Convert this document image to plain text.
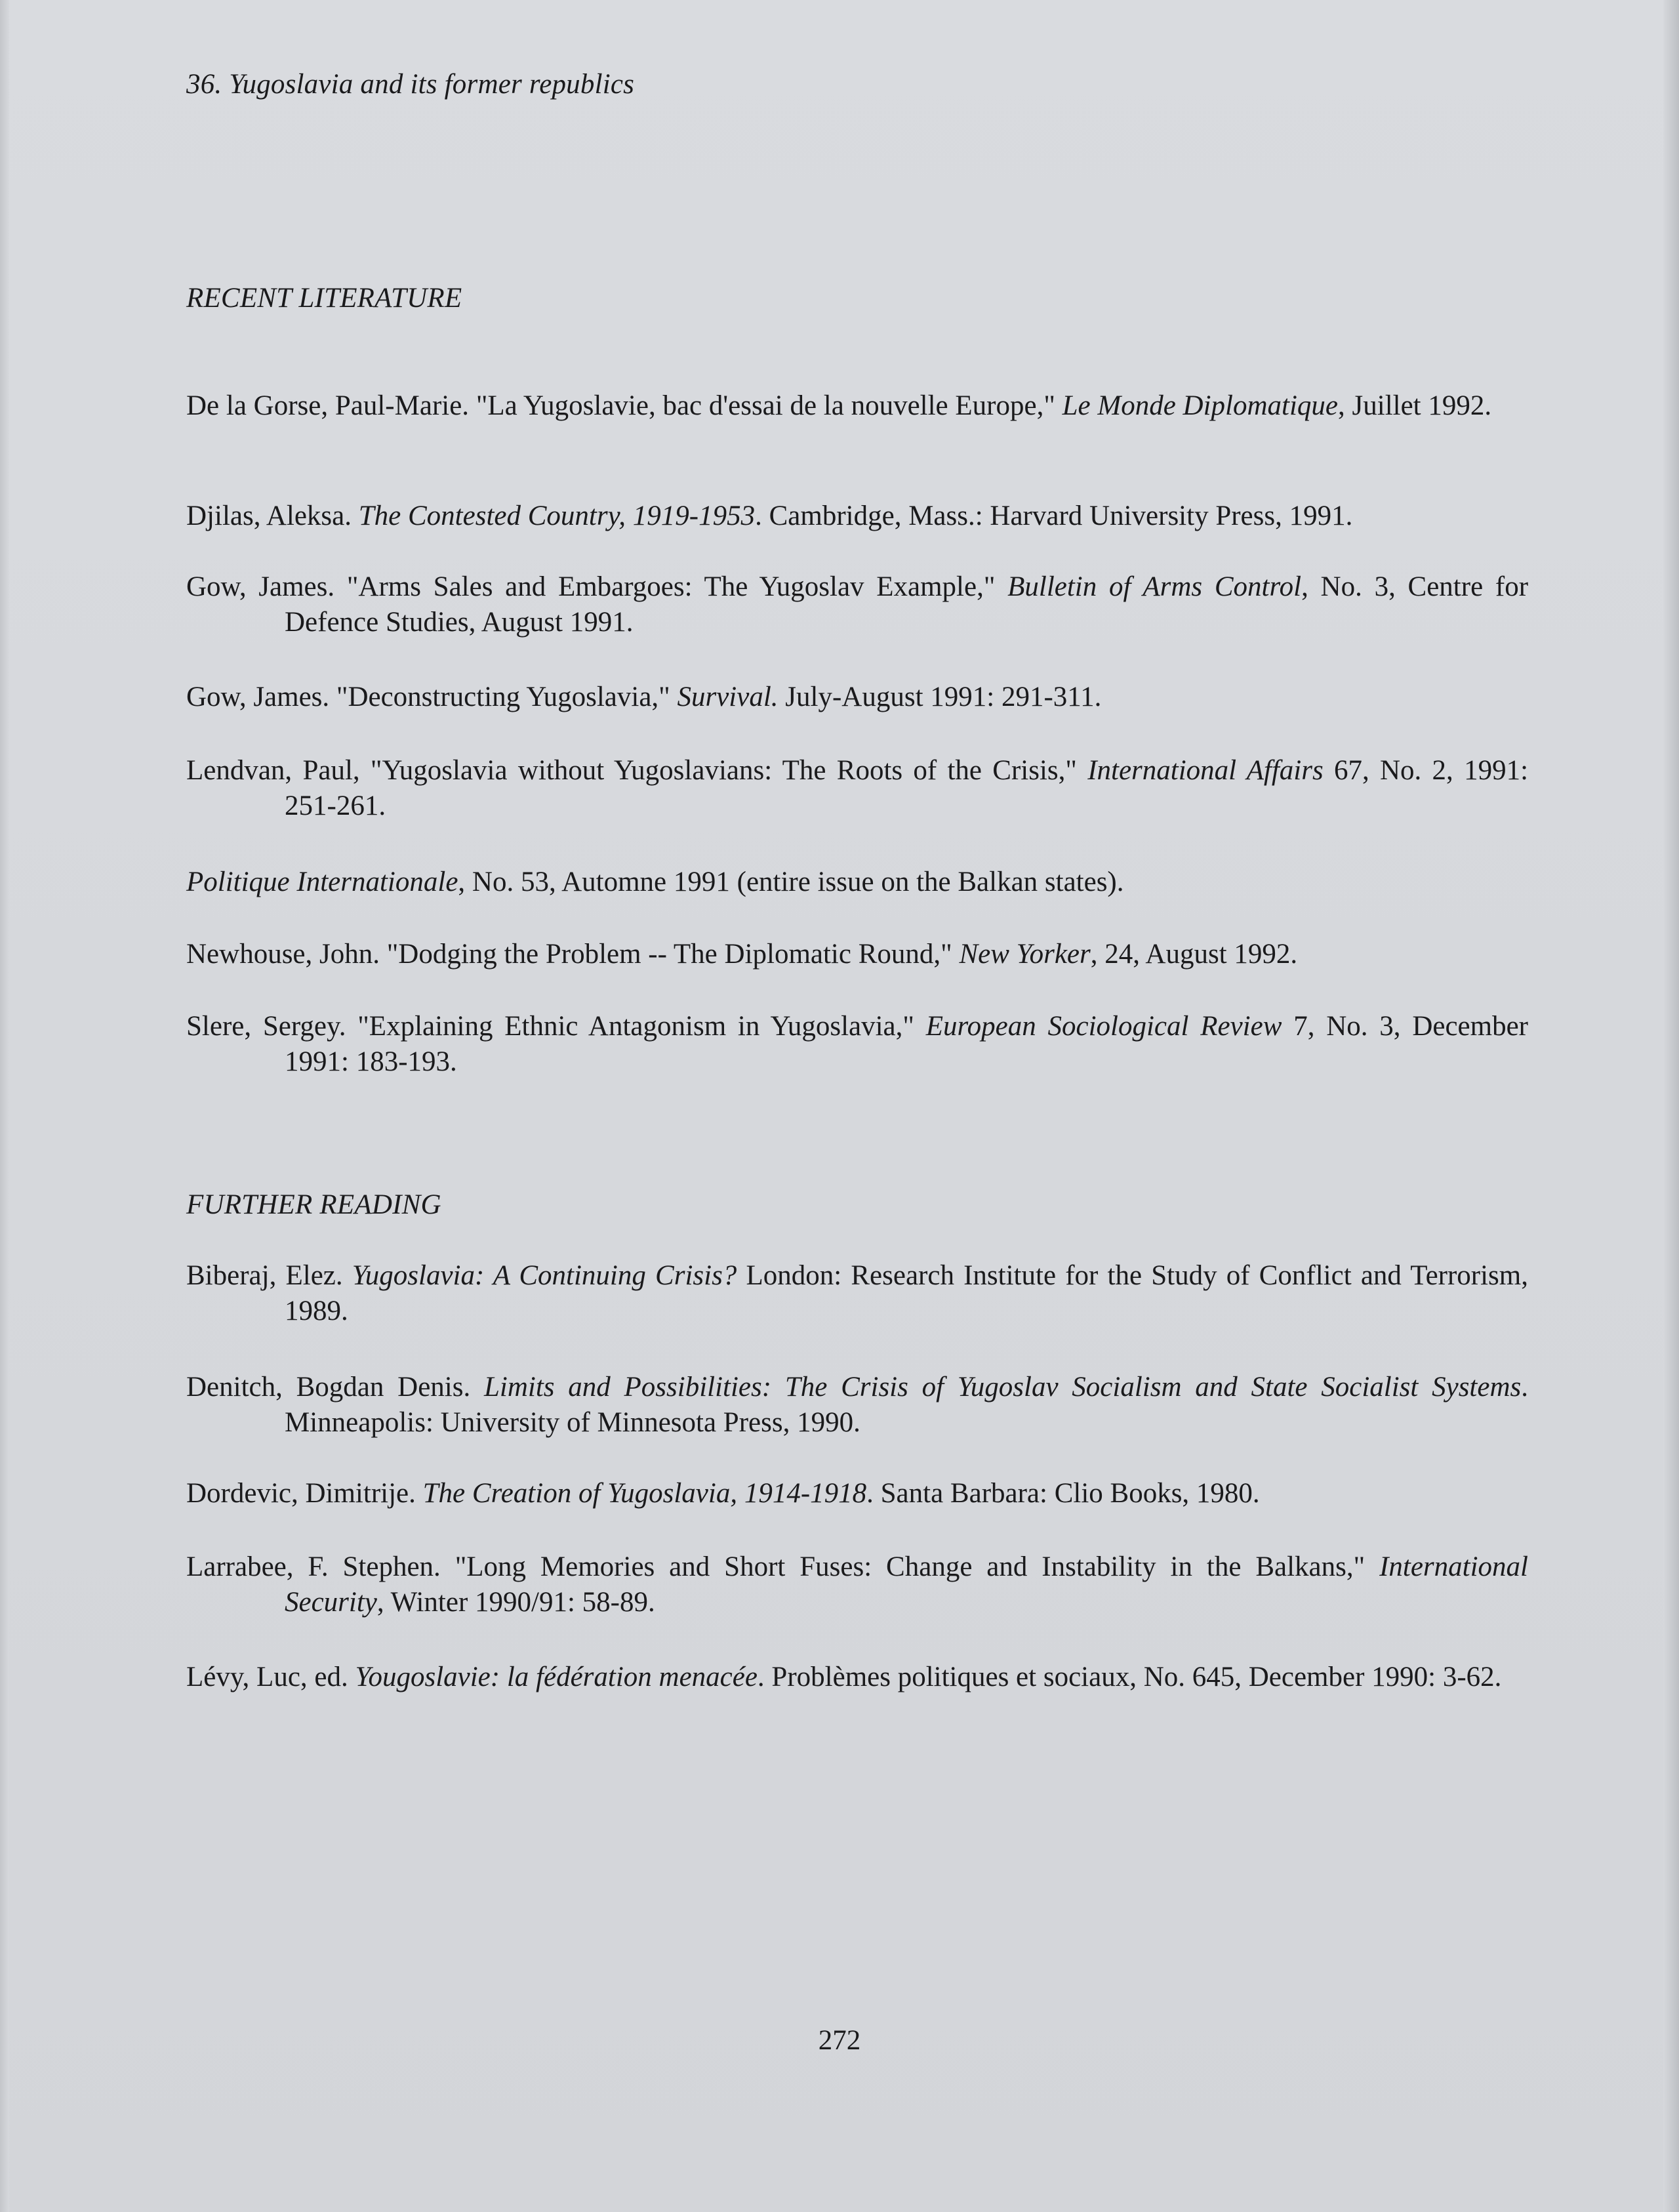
36. Yugoslavia and its former republics
RECENT LITERATURE
De la Gorse, Paul-Marie. "La Yugoslavie, bac d'essai de la nouvelle Europe," Le Monde Diplomatique, Juillet 1992.
Djilas, Aleksa. The Contested Country, 1919-1953. Cambridge, Mass.: Harvard University Press, 1991.
Gow, James. "Arms Sales and Embargoes: The Yugoslav Example," Bulletin of Arms Control, No. 3, Centre for Defence Studies, August 1991.
Gow, James. "Deconstructing Yugoslavia," Survival. July-August 1991: 291-311.
Lendvan, Paul, "Yugoslavia without Yugoslavians: The Roots of the Crisis," International Affairs 67, No. 2, 1991: 251-261.
Politique Internationale, No. 53, Automne 1991 (entire issue on the Balkan states).
Newhouse, John. "Dodging the Problem -- The Diplomatic Round," New Yorker, 24, August 1992.
Slere, Sergey. "Explaining Ethnic Antagonism in Yugoslavia," European Sociological Review 7, No. 3, December 1991: 183-193.
FURTHER READING
Biberaj, Elez. Yugoslavia: A Continuing Crisis? London: Research Institute for the Study of Conflict and Terrorism, 1989.
Denitch, Bogdan Denis. Limits and Possibilities: The Crisis of Yugoslav Socialism and State Socialist Systems. Minneapolis: University of Minnesota Press, 1990.
Dordevic, Dimitrije. The Creation of Yugoslavia, 1914-1918. Santa Barbara: Clio Books, 1980.
Larrabee, F. Stephen. "Long Memories and Short Fuses: Change and Instability in the Balkans," International Security, Winter 1990/91: 58-89.
Lévy, Luc, ed. Yougoslavie: la fédération menacée. Problèmes politiques et sociaux, No. 645, December 1990: 3-62.
272
